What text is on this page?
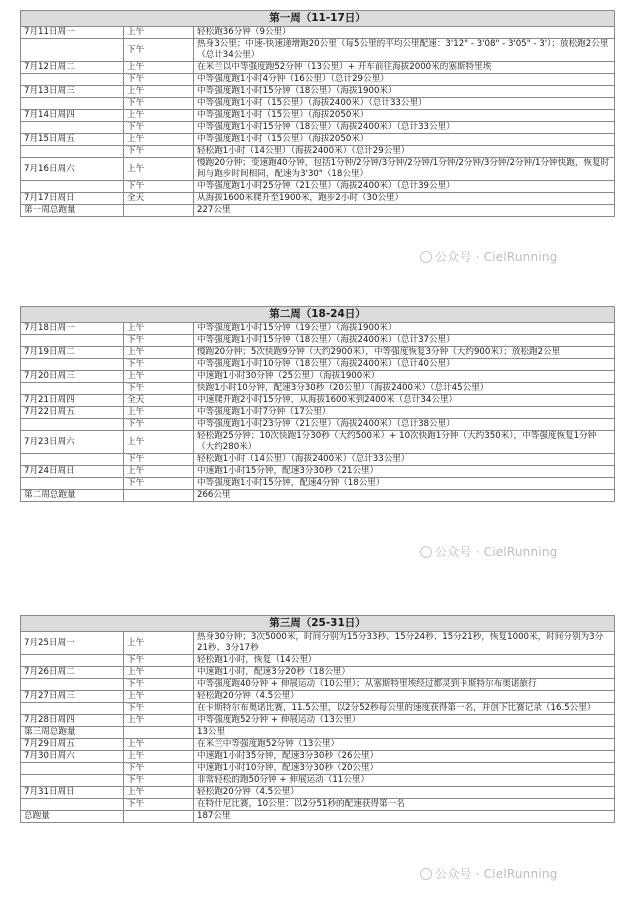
第一周（11-17日）		
7月11日周一	上午	轻松跑36分钟（9公里）
	下午	热身3公里；中速-快速递增跑20公里（每5公里的平均公里配速：3'12" - 3'08" - 3'05" - 3'）；放松跑2公里（总计34公里）
7月12日周二	上午	在米兰以中等强度跑52分钟（13公里）+ 开车前往海拔2000米的塞斯特里埃
	下午	中等强度跑1小时4分钟（16公里）（总计29公里）
7月13日周三	上午	中等强度跑1小时15分钟（18公里）（海拔1900米）
	下午	中等强度跑1小时（15公里）（海拔2400米）（总计33公里）
7月14日周四	上午	中等强度跑1小时（15公里）（海拔2050米）
	下午	中等强度跑1小时15分钟（18公里）（海拔2400米）（总计33公里）
7月15日周五	上午	中等强度跑1小时（15公里）（海拔2050米）
	下午	轻松跑1小时（14公里）（海拔2400米）（总计29公里）
7月16日周六	上午	慢跑20分钟；变速跑40分钟，包括1分钟/2分钟/3分钟/2分钟/1分钟/2分钟/3分钟/2分钟/1分钟快跑，恢复时间与跑步时间相同，配速为3'30"（18公里）
	下午	中等强度跑1小时25分钟（21公里）（海拔2400米）（总计39公里）
7月17日周日	全天	从海拔1600米爬升至1900米，跑步2小时（30公里）
第一周总跑量		227公里
公众号 · CielRunning
第二周（18-24日）		
7月18日周一	上午	中等强度跑1小时15分钟（19公里）（海拔1900米）
	下午	中等强度跑1小时15分钟（18公里）（海拔2400米）（总计37公里）
7月19日周二	上午	慢跑20分钟；5次快跑9分钟（大约2900米），中等强度恢复3分钟（大约900米）；放松跑2公里
	下午	中等强度跑1小时10分钟（18公里）（海拔2400米）（总计40公里）
7月20日周三	上午	中速跑1小时30分钟（25公里）（海拔1900米）
	下午	快跑1小时10分钟，配速3分30秒（20公里）（海拔2400米）（总计45公里）
7月21日周四	全天	中速爬升跑2小时15分钟，从海拔1600米到2400米（总计34公里）
7月22日周五	上午	中等强度跑1小时7分钟（17公里）
	下午	中等强度跑1小时23分钟（21公里）（海拔2400米）（总计38公里）
7月23日周六	上午	轻松跑25分钟；10次快跑1分30秒（大约500米）+ 10次快跑1分钟（大约350米），中等强度恢复1分钟（大约280米）
	下午	轻松跑1小时（14公里）（海拔2400米）（总计33公里）
7月24日周日	上午	中速跑1小时15分钟，配速3分30秒（21公里）
	下午	中等强度跑1小时15分钟，配速4分钟（18公里）
第二周总跑量		266公里
公众号 · CielRunning
第三周（25-31日）		
7月25日周一	上午	热身30分钟；3次5000米，时间分别为15分33秒、15分24秒、15分21秒，恢复1000米，时间分别为3分21秒、3分17秒
	下午	轻松跑1小时，恢复（14公里）
7月26日周二	上午	中速跑1小时，配速3分20秒（18公里）
	下午	中等强度跑40分钟 + 伸展运动（10公里）；从塞斯特里埃经过都灵到卡斯特尔布奥诺旅行
7月27日周三	上午	轻松跑20分钟（4.5公里）
	下午	在卡斯特尔布奥诺比赛，11.5公里，以2分52秒每公里的速度获得第一名，并创下比赛记录（16.5公里）
7月28日周四	上午	中等强度跑52分钟 + 伸展运动（13公里）
第三周总跑量		13公里
7月29日周五	上午	在米兰中等强度跑52分钟（13公里）
7月30日周六	上午	中速跑1小时35分钟，配速3分30秒（26公里）
	下午	中速跑1小时10分钟，配速3分30秒（20公里）
	下午	非常轻松的跑50分钟 + 伸展运动（11公里）
7月31日周日	上午	轻松跑20分钟（4.5公里）
	下午	在特什尼比赛，10公里：以2分51秒的配速获得第一名
总跑量		187公里
公众号 · CielRunning
